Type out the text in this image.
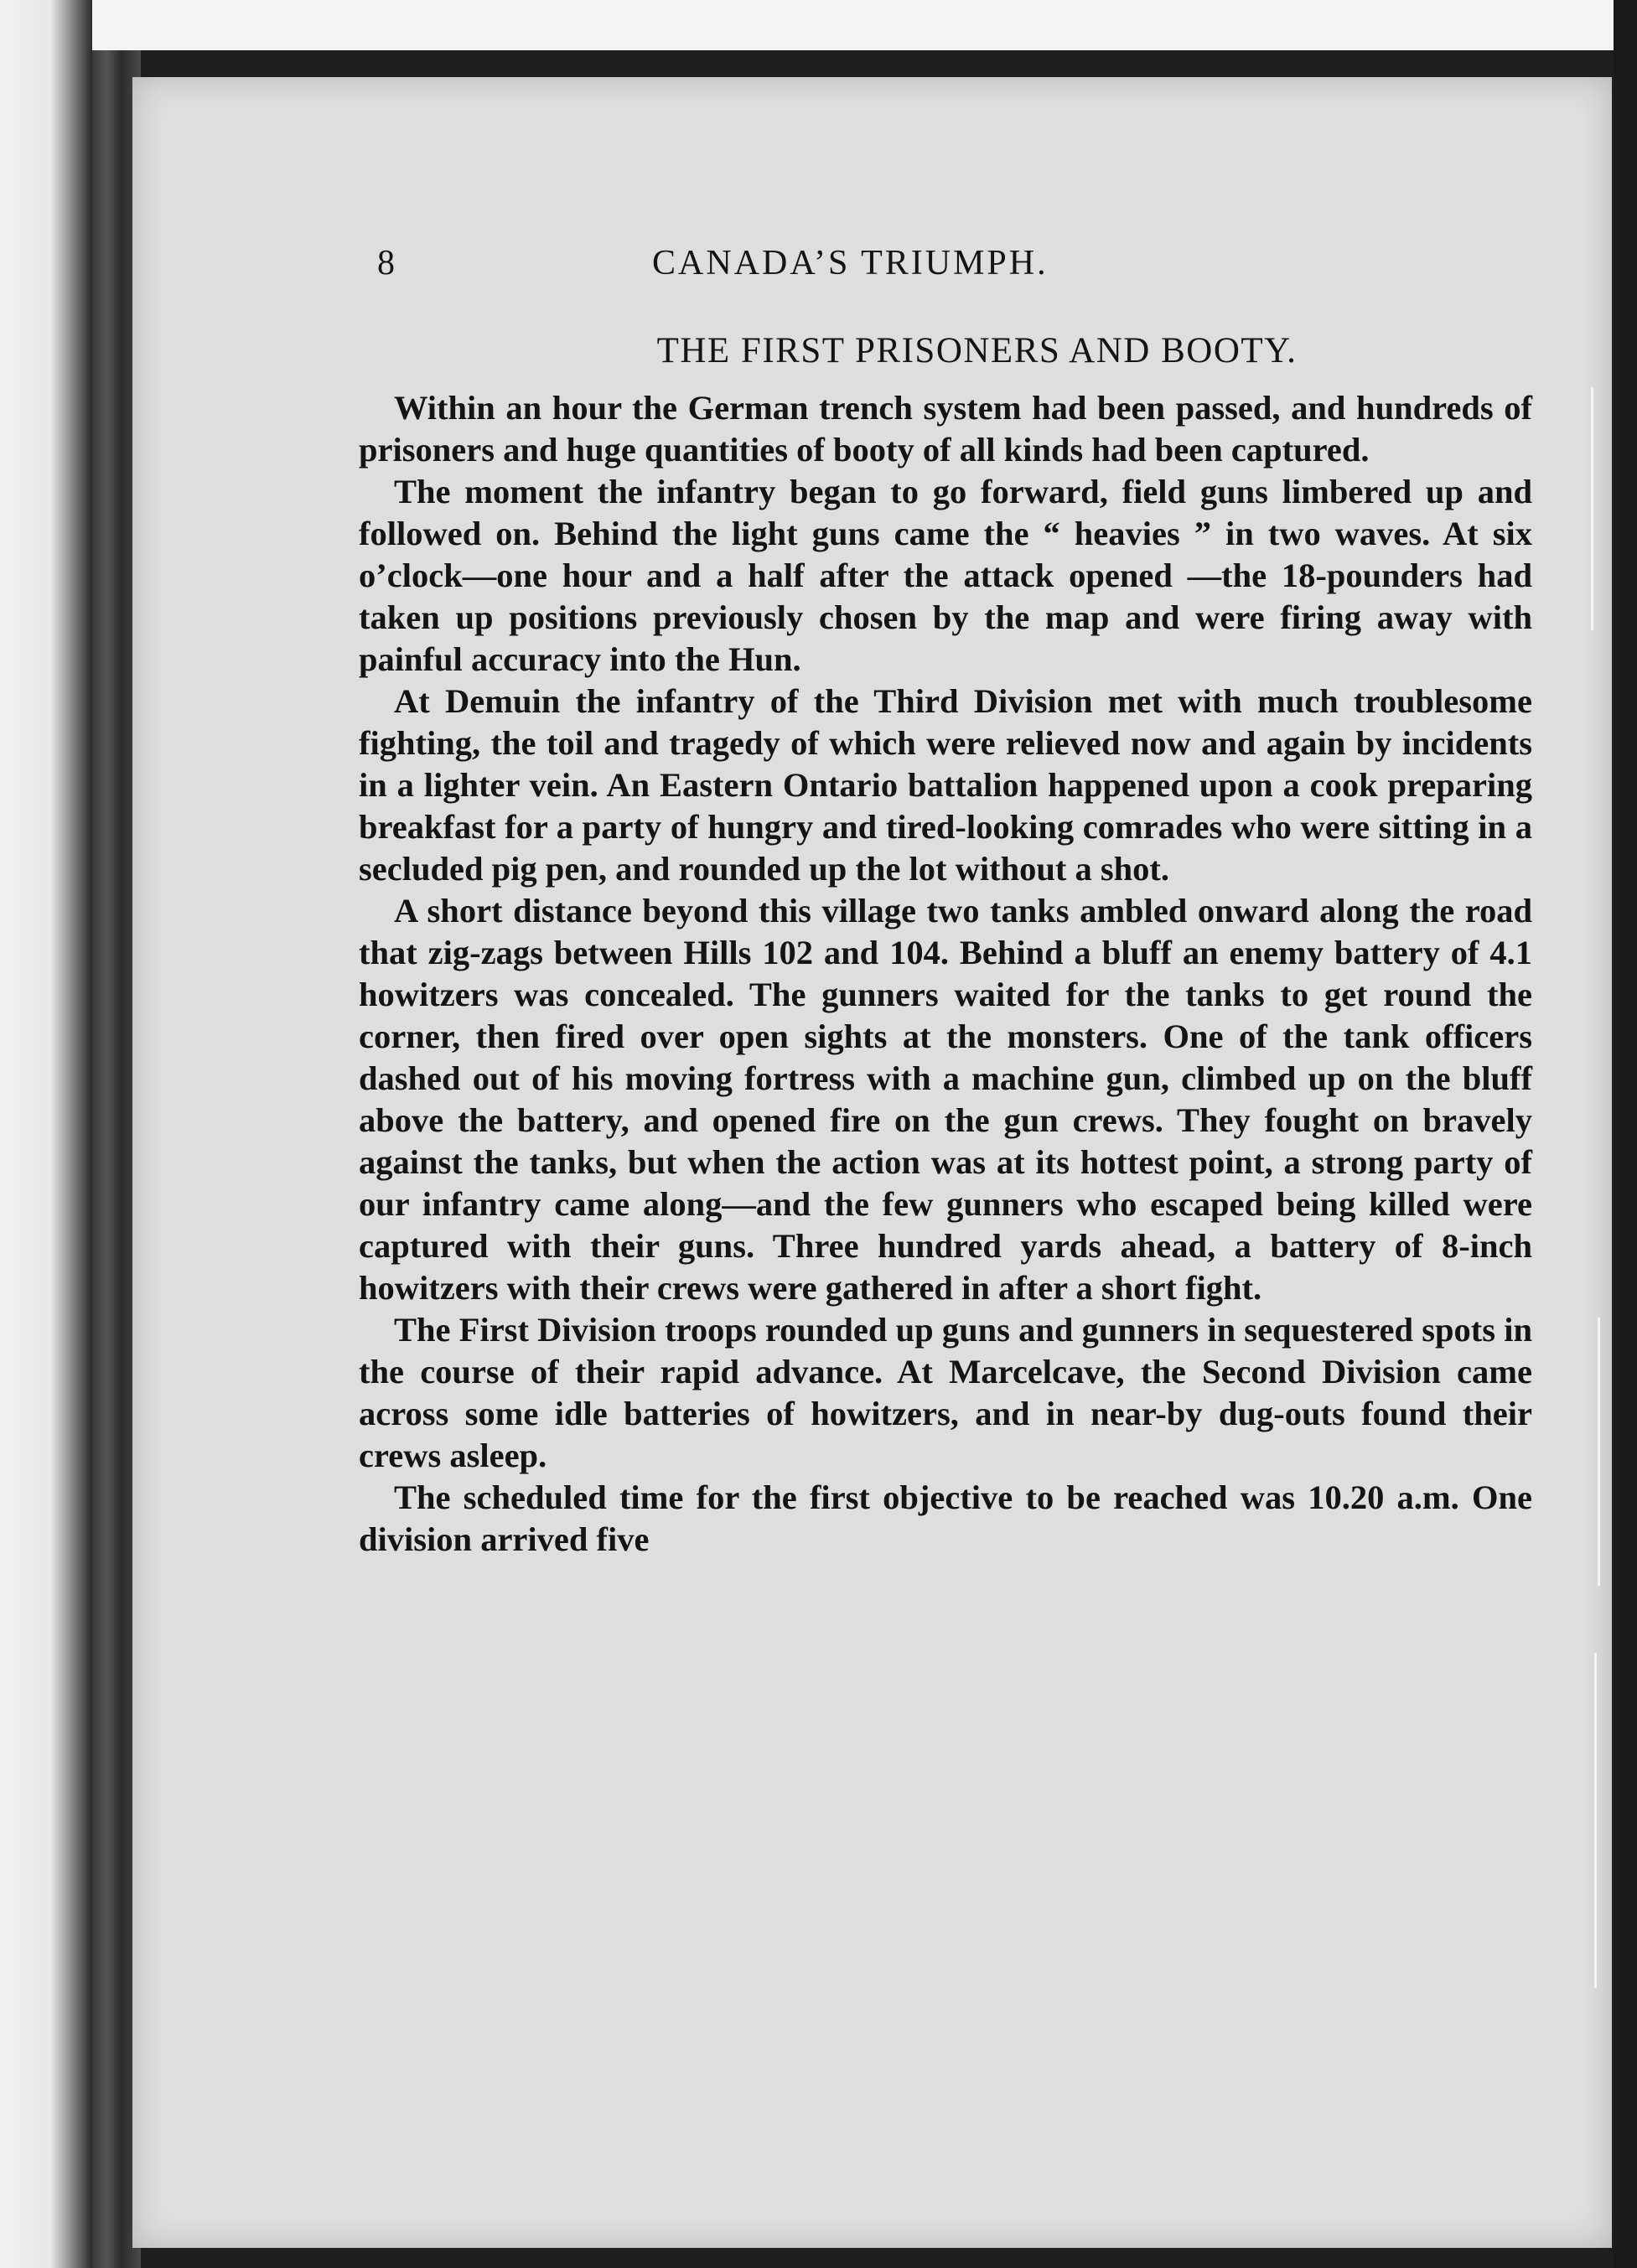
8	CANADA’S TRIUMPH.
THE FIRST PRISONERS AND BOOTY.

Within an hour the German trench system had been passed, and hundreds of prisoners and huge quantities of booty of all kinds had been captured.

The moment the infantry began to go forward, field guns limbered up and followed on. Behind the light guns came the “ heavies ” in two waves. At six o’clock—one hour and a half after the attack opened —the 18-pounders had taken up positions previously chosen by the map and were firing away with painful accuracy into the Hun.

At Demuin the infantry of the Third Division met with much troublesome fighting, the toil and tragedy of which were relieved now and again by incidents in a lighter vein. An Eastern Ontario battalion happened upon a cook preparing breakfast for a party of hungry and tired-looking comrades who were sitting in a secluded pig pen, and rounded up the lot without a shot.

A short distance beyond this village two tanks ambled onward along the road that zig-zags between Hills 102 and 104. Behind a bluff an enemy battery of 4.1 howitzers was concealed. The gunners waited for the tanks to get round the corner, then fired over open sights at the monsters. One of the tank officers dashed out of his moving fortress with a machine gun, climbed up on the bluff above the battery, and opened fire on the gun crews. They fought on bravely against the tanks, but when the action was at its hottest point, a strong party of our infantry came along—and the few gunners who escaped being killed were captured with their guns. Three hundred yards ahead, a battery of 8-inch howitzers with their crews were gathered in after a short fight.

The First Division troops rounded up guns and gunners in sequestered spots in the course of their rapid advance. At Marcelcave, the Second Division came across some idle batteries of howitzers, and in near-by dug-outs found their crews asleep.

The scheduled time for the first objective to be reached was 10.20 a.m. One division arrived five
